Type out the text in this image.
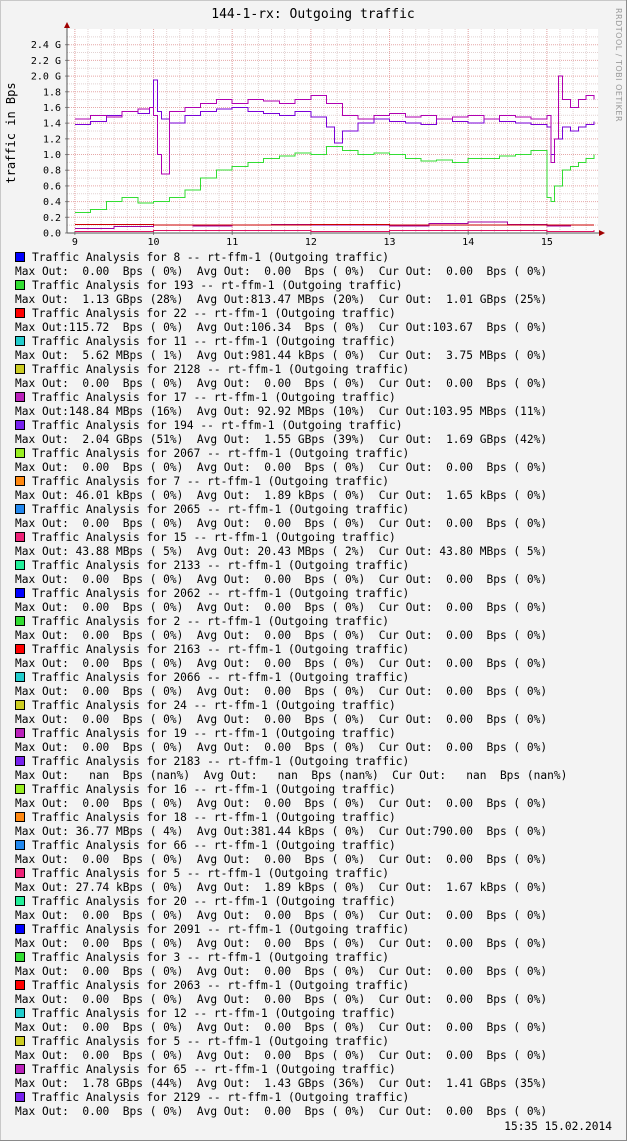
144-1-rx: Outgoing traffic
traffic in Bps
RRDTOOL / TOBI OETIKER
0.0
0.2
0.4
0.6
0.8
1.0
1.2
1.4
1.6
1.8
2.0 G
2.2 G
2.4 G
9	10	11	12	13	14	15
Traffic Analysis for 8 -- rt-ffm-1 (Outgoing traffic)
Max Out:  0.00  Bps ( 0%)  Avg Out:  0.00  Bps ( 0%)  Cur Out:  0.00  Bps ( 0%)
Traffic Analysis for 193 -- rt-ffm-1 (Outgoing traffic)
Max Out:  1.13 GBps (28%)  Avg Out:813.47 MBps (20%)  Cur Out:  1.01 GBps (25%)
Traffic Analysis for 22 -- rt-ffm-1 (Outgoing traffic)
Max Out:115.72  Bps ( 0%)  Avg Out:106.34  Bps ( 0%)  Cur Out:103.67  Bps ( 0%)
Traffic Analysis for 11 -- rt-ffm-1 (Outgoing traffic)
Max Out:  5.62 MBps ( 1%)  Avg Out:981.44 kBps ( 0%)  Cur Out:  3.75 MBps ( 0%)
Traffic Analysis for 2128 -- rt-ffm-1 (Outgoing traffic)
Max Out:  0.00  Bps ( 0%)  Avg Out:  0.00  Bps ( 0%)  Cur Out:  0.00  Bps ( 0%)
Traffic Analysis for 17 -- rt-ffm-1 (Outgoing traffic)
Max Out:148.84 MBps (16%)  Avg Out: 92.92 MBps (10%)  Cur Out:103.95 MBps (11%)
Traffic Analysis for 194 -- rt-ffm-1 (Outgoing traffic)
Max Out:  2.04 GBps (51%)  Avg Out:  1.55 GBps (39%)  Cur Out:  1.69 GBps (42%)
Traffic Analysis for 2067 -- rt-ffm-1 (Outgoing traffic)
Max Out:  0.00  Bps ( 0%)  Avg Out:  0.00  Bps ( 0%)  Cur Out:  0.00  Bps ( 0%)
Traffic Analysis for 7 -- rt-ffm-1 (Outgoing traffic)
Max Out: 46.01 kBps ( 0%)  Avg Out:  1.89 kBps ( 0%)  Cur Out:  1.65 kBps ( 0%)
Traffic Analysis for 2065 -- rt-ffm-1 (Outgoing traffic)
Max Out:  0.00  Bps ( 0%)  Avg Out:  0.00  Bps ( 0%)  Cur Out:  0.00  Bps ( 0%)
Traffic Analysis for 15 -- rt-ffm-1 (Outgoing traffic)
Max Out: 43.88 MBps ( 5%)  Avg Out: 20.43 MBps ( 2%)  Cur Out: 43.80 MBps ( 5%)
Traffic Analysis for 2133 -- rt-ffm-1 (Outgoing traffic)
Max Out:  0.00  Bps ( 0%)  Avg Out:  0.00  Bps ( 0%)  Cur Out:  0.00  Bps ( 0%)
Traffic Analysis for 2062 -- rt-ffm-1 (Outgoing traffic)
Max Out:  0.00  Bps ( 0%)  Avg Out:  0.00  Bps ( 0%)  Cur Out:  0.00  Bps ( 0%)
Traffic Analysis for 2 -- rt-ffm-1 (Outgoing traffic)
Max Out:  0.00  Bps ( 0%)  Avg Out:  0.00  Bps ( 0%)  Cur Out:  0.00  Bps ( 0%)
Traffic Analysis for 2163 -- rt-ffm-1 (Outgoing traffic)
Max Out:  0.00  Bps ( 0%)  Avg Out:  0.00  Bps ( 0%)  Cur Out:  0.00  Bps ( 0%)
Traffic Analysis for 2066 -- rt-ffm-1 (Outgoing traffic)
Max Out:  0.00  Bps ( 0%)  Avg Out:  0.00  Bps ( 0%)  Cur Out:  0.00  Bps ( 0%)
Traffic Analysis for 24 -- rt-ffm-1 (Outgoing traffic)
Max Out:  0.00  Bps ( 0%)  Avg Out:  0.00  Bps ( 0%)  Cur Out:  0.00  Bps ( 0%)
Traffic Analysis for 19 -- rt-ffm-1 (Outgoing traffic)
Max Out:  0.00  Bps ( 0%)  Avg Out:  0.00  Bps ( 0%)  Cur Out:  0.00  Bps ( 0%)
Traffic Analysis for 2183 -- rt-ffm-1 (Outgoing traffic)
Max Out:   nan  Bps (nan%)  Avg Out:   nan  Bps (nan%)  Cur Out:   nan  Bps (nan%)
Traffic Analysis for 16 -- rt-ffm-1 (Outgoing traffic)
Max Out:  0.00  Bps ( 0%)  Avg Out:  0.00  Bps ( 0%)  Cur Out:  0.00  Bps ( 0%)
Traffic Analysis for 18 -- rt-ffm-1 (Outgoing traffic)
Max Out: 36.77 MBps ( 4%)  Avg Out:381.44 kBps ( 0%)  Cur Out:790.00  Bps ( 0%)
Traffic Analysis for 66 -- rt-ffm-1 (Outgoing traffic)
Max Out:  0.00  Bps ( 0%)  Avg Out:  0.00  Bps ( 0%)  Cur Out:  0.00  Bps ( 0%)
Traffic Analysis for 5 -- rt-ffm-1 (Outgoing traffic)
Max Out: 27.74 kBps ( 0%)  Avg Out:  1.89 kBps ( 0%)  Cur Out:  1.67 kBps ( 0%)
Traffic Analysis for 20 -- rt-ffm-1 (Outgoing traffic)
Max Out:  0.00  Bps ( 0%)  Avg Out:  0.00  Bps ( 0%)  Cur Out:  0.00  Bps ( 0%)
Traffic Analysis for 2091 -- rt-ffm-1 (Outgoing traffic)
Max Out:  0.00  Bps ( 0%)  Avg Out:  0.00  Bps ( 0%)  Cur Out:  0.00  Bps ( 0%)
Traffic Analysis for 3 -- rt-ffm-1 (Outgoing traffic)
Max Out:  0.00  Bps ( 0%)  Avg Out:  0.00  Bps ( 0%)  Cur Out:  0.00  Bps ( 0%)
Traffic Analysis for 2063 -- rt-ffm-1 (Outgoing traffic)
Max Out:  0.00  Bps ( 0%)  Avg Out:  0.00  Bps ( 0%)  Cur Out:  0.00  Bps ( 0%)
Traffic Analysis for 12 -- rt-ffm-1 (Outgoing traffic)
Max Out:  0.00  Bps ( 0%)  Avg Out:  0.00  Bps ( 0%)  Cur Out:  0.00  Bps ( 0%)
Traffic Analysis for 5 -- rt-ffm-1 (Outgoing traffic)
Max Out:  0.00  Bps ( 0%)  Avg Out:  0.00  Bps ( 0%)  Cur Out:  0.00  Bps ( 0%)
Traffic Analysis for 65 -- rt-ffm-1 (Outgoing traffic)
Max Out:  1.78 GBps (44%)  Avg Out:  1.43 GBps (36%)  Cur Out:  1.41 GBps (35%)
Traffic Analysis for 2129 -- rt-ffm-1 (Outgoing traffic)
Max Out:  0.00  Bps ( 0%)  Avg Out:  0.00  Bps ( 0%)  Cur Out:  0.00  Bps ( 0%)
15:35 15.02.2014
